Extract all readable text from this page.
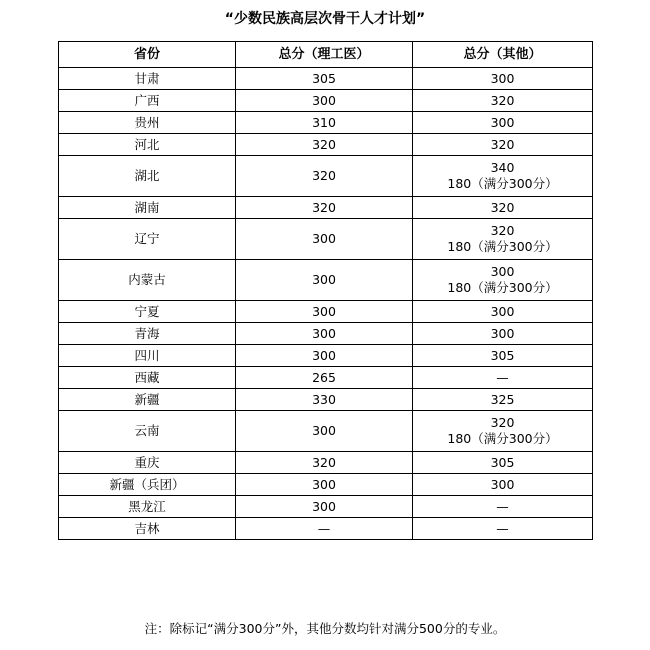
“少数民族高层次骨干人才计划”
省份	总分（理工医）	总分（其他）
甘肃	305	300

广西	300	320

贵州	310	300

河北	320	320

湖北	320	340
180（满分300分）

湖南	320	320

辽宁	300	320
180（满分300分）

内蒙古	300	300
180（满分300分）

宁夏	300	300

青海	300	300

四川	300	305

西藏	265	—

新疆	330	325

云南	300	320
180（满分300分）

重庆	320	305

新疆（兵团）	300	300

黑龙江	300	—

吉林	—	—
注：除标记“满分300分”外，其他分数均针对满分500分的专业。
